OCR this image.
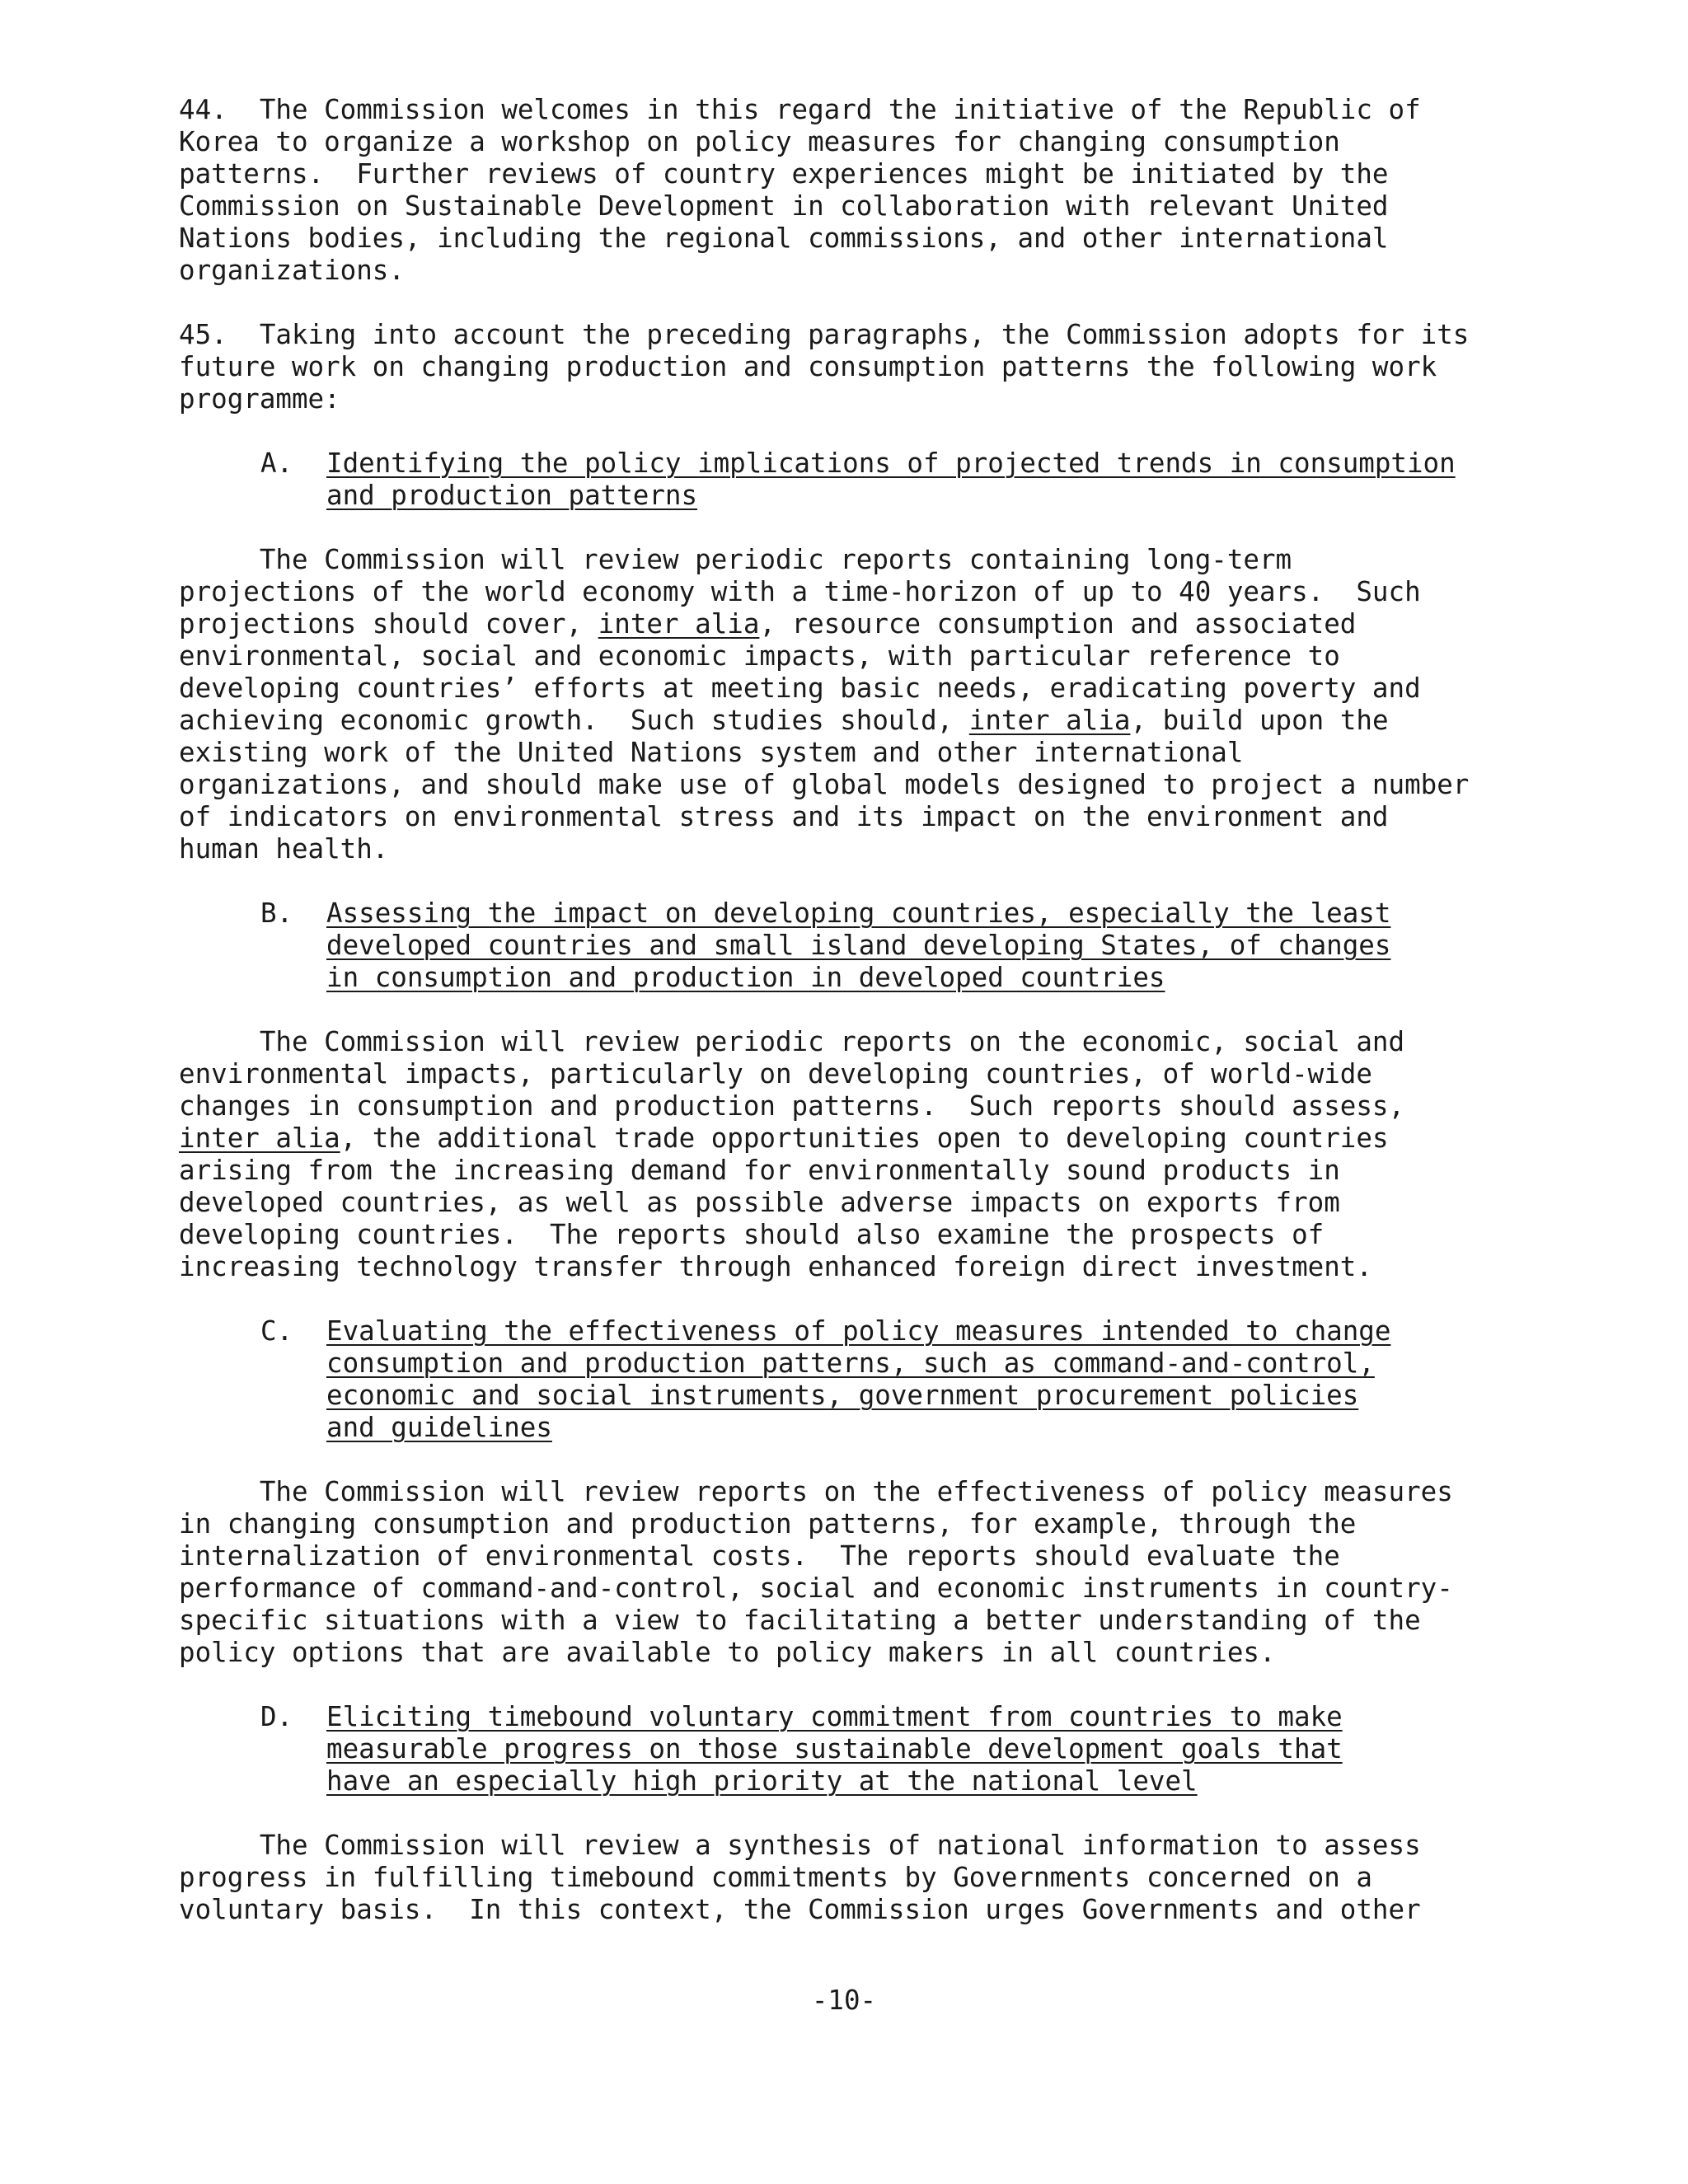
44.  The Commission welcomes in this regard the initiative of the Republic of
Korea to organize a workshop on policy measures for changing consumption
patterns.  Further reviews of country experiences might be initiated by the
Commission on Sustainable Development in collaboration with relevant United
Nations bodies, including the regional commissions, and other international
organizations.
45.  Taking into account the preceding paragraphs, the Commission adopts for its
future work on changing production and consumption patterns the following work
programme:
A. Identifying the policy implications of projected trends in consumption
and production patterns
The Commission will review periodic reports containing long-term
projections of the world economy with a time-horizon of up to 40 years.  Such
projections should cover, inter alia, resource consumption and associated
environmental, social and economic impacts, with particular reference to
developing countries’ efforts at meeting basic needs, eradicating poverty and
achieving economic growth.  Such studies should, inter alia, build upon the
existing work of the United Nations system and other international
organizations, and should make use of global models designed to project a number
of indicators on environmental stress and its impact on the environment and
human health.
B. Assessing the impact on developing countries, especially the least
developed countries and small island developing States, of changes
in consumption and production in developed countries
The Commission will review periodic reports on the economic, social and
environmental impacts, particularly on developing countries, of world-wide
changes in consumption and production patterns.  Such reports should assess,
inter alia, the additional trade opportunities open to developing countries
arising from the increasing demand for environmentally sound products in
developed countries, as well as possible adverse impacts on exports from
developing countries.  The reports should also examine the prospects of
increasing technology transfer through enhanced foreign direct investment.
C. Evaluating the effectiveness of policy measures intended to change
consumption and production patterns, such as command-and-control,
economic and social instruments, government procurement policies
and guidelines
The Commission will review reports on the effectiveness of policy measures
in changing consumption and production patterns, for example, through the
internalization of environmental costs.  The reports should evaluate the
performance of command-and-control, social and economic instruments in country-
specific situations with a view to facilitating a better understanding of the
policy options that are available to policy makers in all countries.
D. Eliciting timebound voluntary commitment from countries to make
measurable progress on those sustainable development goals that
have an especially high priority at the national level
The Commission will review a synthesis of national information to assess
progress in fulfilling timebound commitments by Governments concerned on a
voluntary basis.  In this context, the Commission urges Governments and other
-10-
